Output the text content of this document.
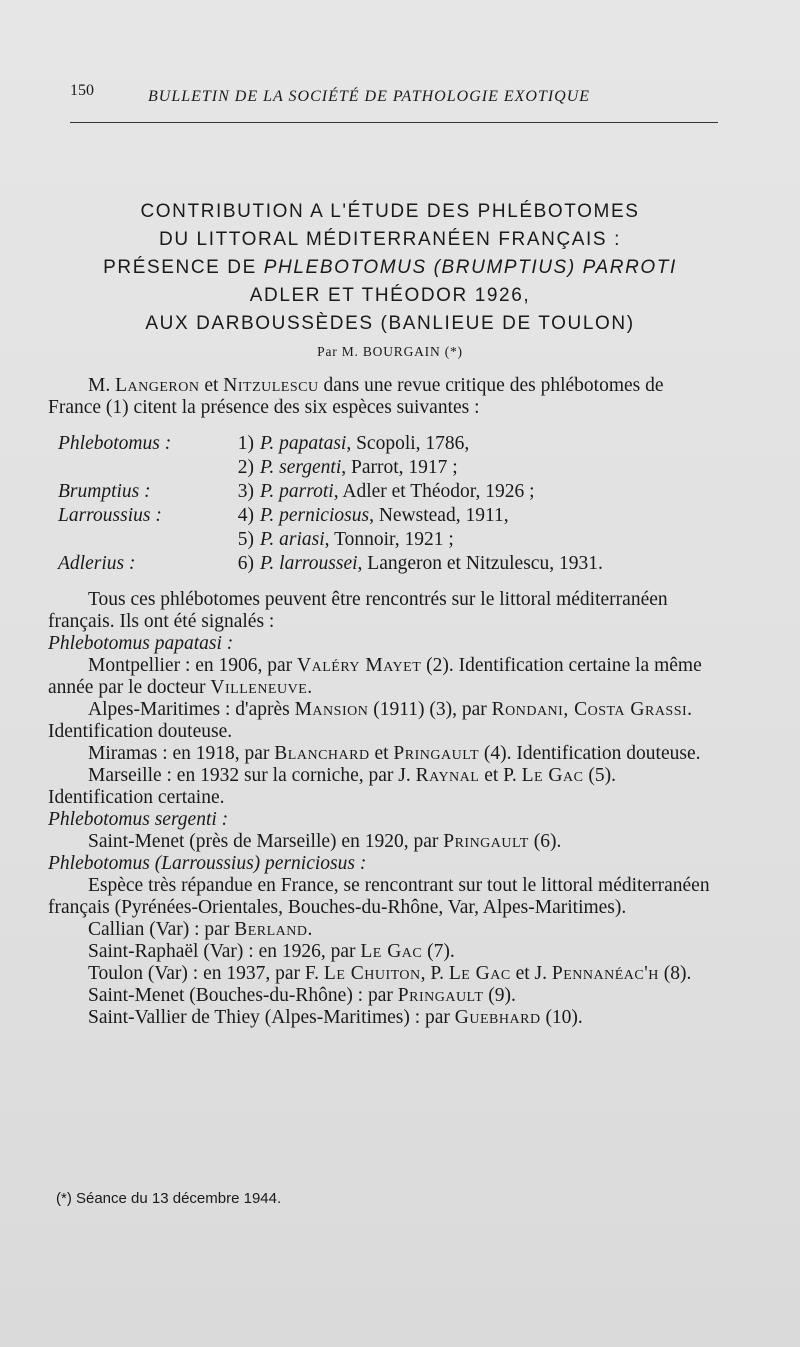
150	BULLETIN DE LA SOCIÉTÉ DE PATHOLOGIE EXOTIQUE
CONTRIBUTION A L'ÉTUDE DES PHLÉBOTOMES
DU LITTORAL MÉDITERRANÉEN FRANÇAIS :
PRÉSENCE DE PHLEBOTOMUS (BRUMPTIUS) PARROTI
ADLER ET THÉODOR 1926,
AUX DARBOUSSÈDES (BANLIEUE DE TOULON)
Par M. BOURGAIN (*)

M. Langeron et Nitzulescu dans une revue critique des phlébotomes de France (1) citent la présence des six espèces suivantes :

Phlebotomus :	1) P. papatasi, Scopoli, 1786,
2) P. sergenti, Parrot, 1917 ;
Brumptius :	3) P. parroti, Adler et Théodor, 1926 ;
Larroussius :	4) P. perniciosus, Newstead, 1911,
5) P. ariasi, Tonnoir, 1921 ;
Adlerius :	6) P. larroussei, Langeron et Nitzulescu, 1931.

Tous ces phlébotomes peuvent être rencontrés sur le littoral méditerranéen français. Ils ont été signalés :

Phlebotomus papatasi :

Montpellier : en 1906, par Valéry Mayet (2). Identification certaine la même année par le docteur Villeneuve.

Alpes-Maritimes : d'après Mansion (1911) (3), par Rondani, Costa Grassi. Identification douteuse.

Miramas : en 1918, par Blanchard et Pringault (4). Identification douteuse.

Marseille : en 1932 sur la corniche, par J. Raynal et P. Le Gac (5). Identification certaine.

Phlebotomus sergenti :

Saint-Menet (près de Marseille) en 1920, par Pringault (6).

Phlebotomus (Larroussius) perniciosus :

Espèce très répandue en France, se rencontrant sur tout le littoral méditerranéen français (Pyrénées-Orientales, Bouches-du-Rhône, Var, Alpes-Maritimes).

Callian (Var) : par Berland.

Saint-Raphaël (Var) : en 1926, par Le Gac (7).

Toulon (Var) : en 1937, par F. Le Chuiton, P. Le Gac et J. Pennanéac'h (8).

Saint-Menet (Bouches-du-Rhône) : par Pringault (9).

Saint-Vallier de Thiey (Alpes-Maritimes) : par Guebhard (10).

(*) Séance du 13 décembre 1944.
